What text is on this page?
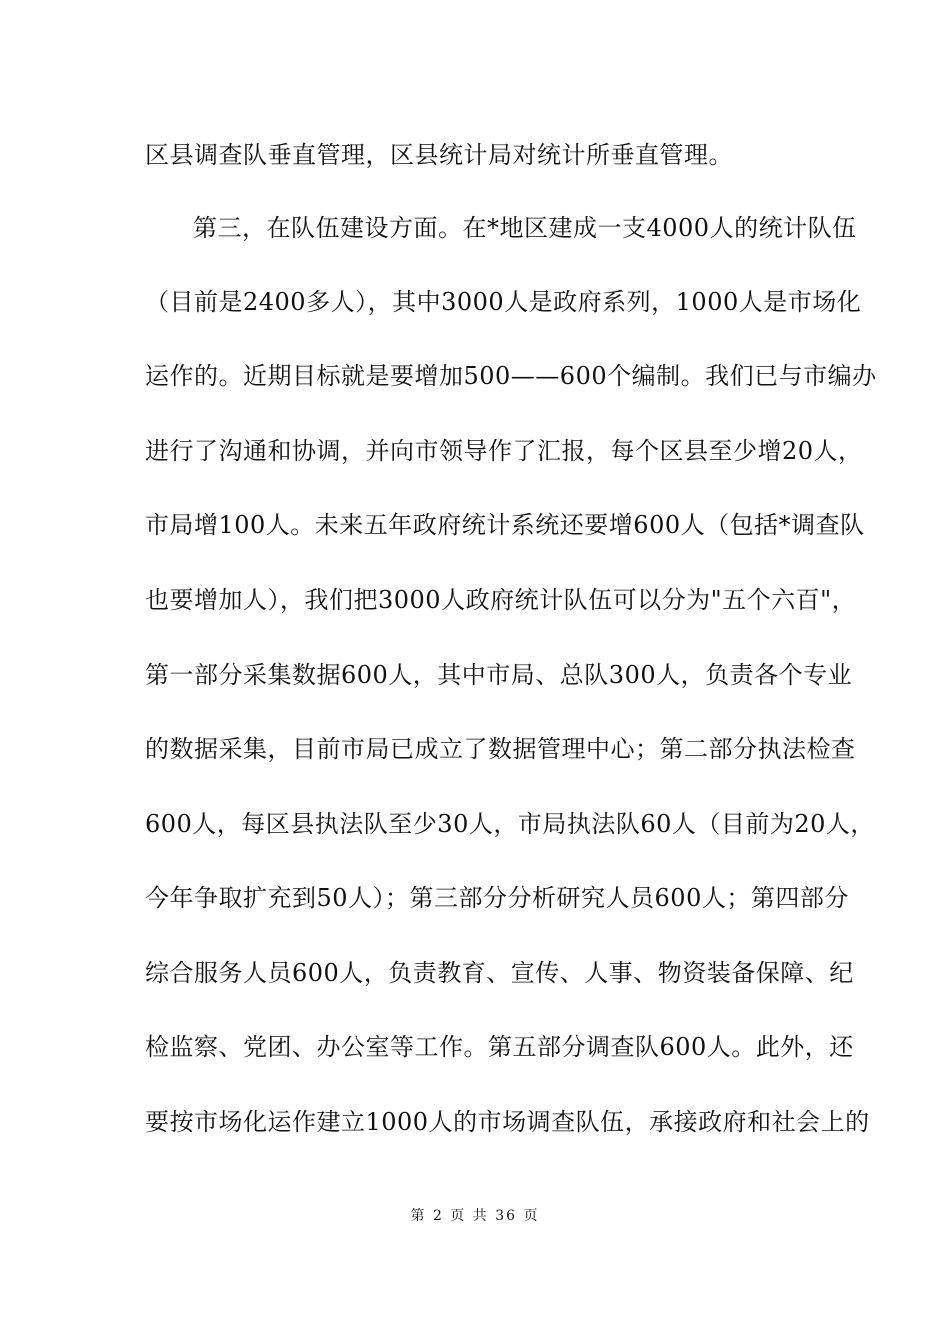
区县调查队垂直管理，区县统计局对统计所垂直管理。
第三，在队伍建设方面。在*地区建成一支4000人的统计队伍
（目前是2400多人），其中3000人是政府系列，1000人是市场化
运作的。近期目标就是要增加500——600个编制。我们已与市编办
进行了沟通和协调，并向市领导作了汇报，每个区县至少增20人，
市局增100人。未来五年政府统计系统还要增600人（包括*调查队
也要增加人），我们把3000人政府统计队伍可以分为"五个六百"，
第一部分采集数据600人，其中市局、总队300人，负责各个专业
的数据采集，目前市局已成立了数据管理中心；第二部分执法检查
600人，每区县执法队至少30人，市局执法队60人（目前为20人，
今年争取扩充到50人）；第三部分分析研究人员600人；第四部分
综合服务人员600人，负责教育、宣传、人事、物资装备保障、纪
检监察、党团、办公室等工作。第五部分调查队600人。此外，还
要按市场化运作建立1000人的市场调查队伍，承接政府和社会上的
第 2 页 共 36 页
